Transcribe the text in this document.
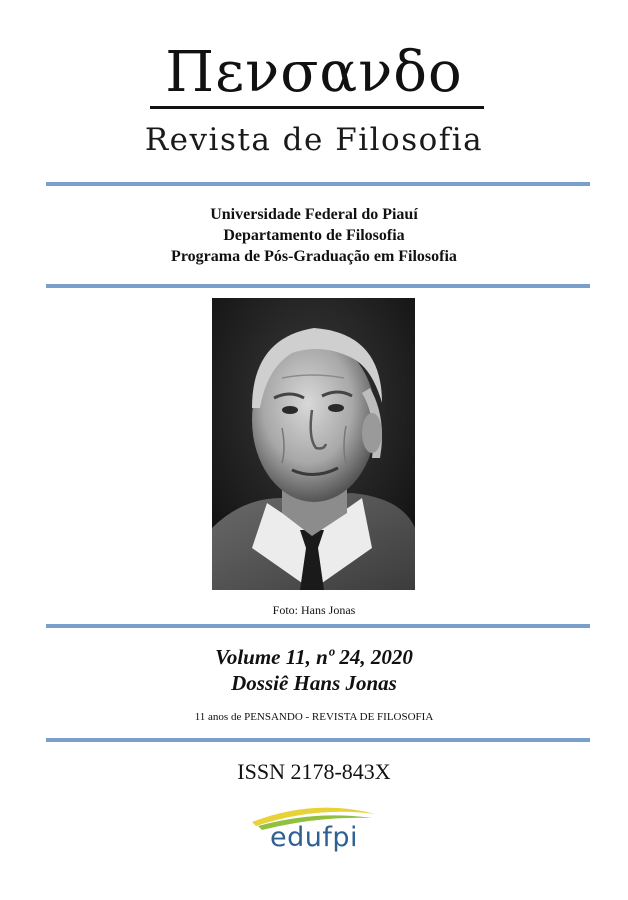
Πενσανδο
Revista de Filosofia
Universidade Federal do Piauí
Departamento de Filosofia
Programa de Pós-Graduação em Filosofia
Foto: Hans Jonas
Volume 11, nº 24, 2020
Dossiê Hans Jonas
11 anos de PENSANDO - REVISTA DE FILOSOFIA
ISSN 2178-843X
edufpi
